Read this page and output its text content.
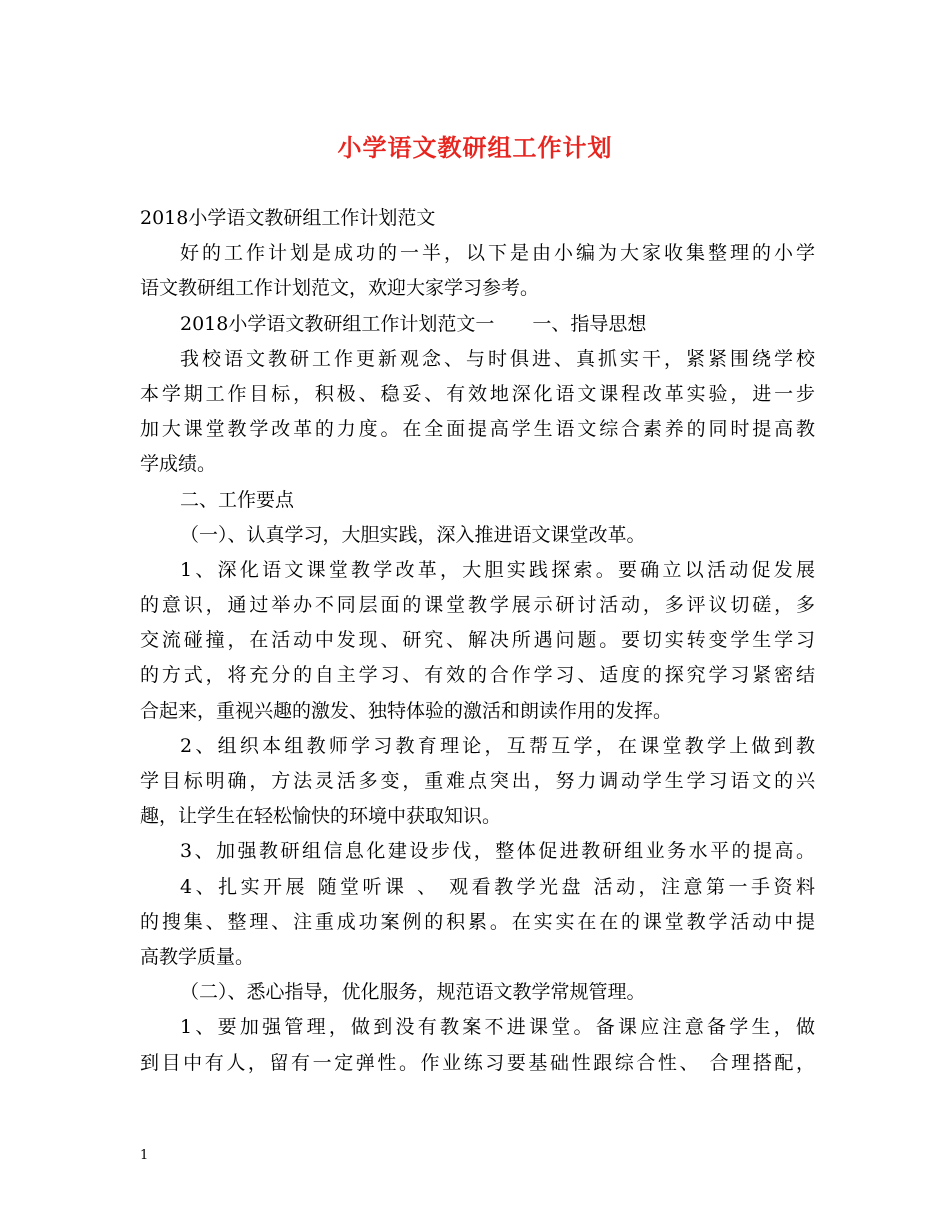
小学语文教研组工作计划
2018小学语文教研组工作计划范文
好的工作计划是成功的一半，以下是由小编为大家收集整理的小学
语文教研组工作计划范文，欢迎大家学习参考。
2018小学语文教研组工作计划范文一　　一、指导思想
我校语文教研工作更新观念、与时俱进、真抓实干，紧紧围绕学校
本学期工作目标，积极、稳妥、有效地深化语文课程改革实验，进一步
加大课堂教学改革的力度。在全面提高学生语文综合素养的同时提高教
学成绩。
二、工作要点
（一）、认真学习，大胆实践，深入推进语文课堂改革。
1、深化语文课堂教学改革，大胆实践探索。要确立以活动促发展
的意识，通过举办不同层面的课堂教学展示研讨活动，多评议切磋，多
交流碰撞，在活动中发现、研究、解决所遇问题。要切实转变学生学习
的方式，将充分的自主学习、有效的合作学习、适度的探究学习紧密结
合起来，重视兴趣的激发、独特体验的激活和朗读作用的发挥。
2、组织本组教师学习教育理论，互帮互学，在课堂教学上做到教
学目标明确，方法灵活多变，重难点突出，努力调动学生学习语文的兴
趣，让学生在轻松愉快的环境中获取知识。
3、加强教研组信息化建设步伐，整体促进教研组业务水平的提高。
4、扎实开展 随堂听课 、 观看教学光盘 活动，注意第一手资料
的搜集、整理、注重成功案例的积累。在实实在在的课堂教学活动中提
高教学质量。
（二）、悉心指导，优化服务，规范语文教学常规管理。
1、要加强管理，做到没有教案不进课堂。备课应注意备学生，做
到目中有人，留有一定弹性。作业练习要基础性跟综合性、 合理搭配，
1
